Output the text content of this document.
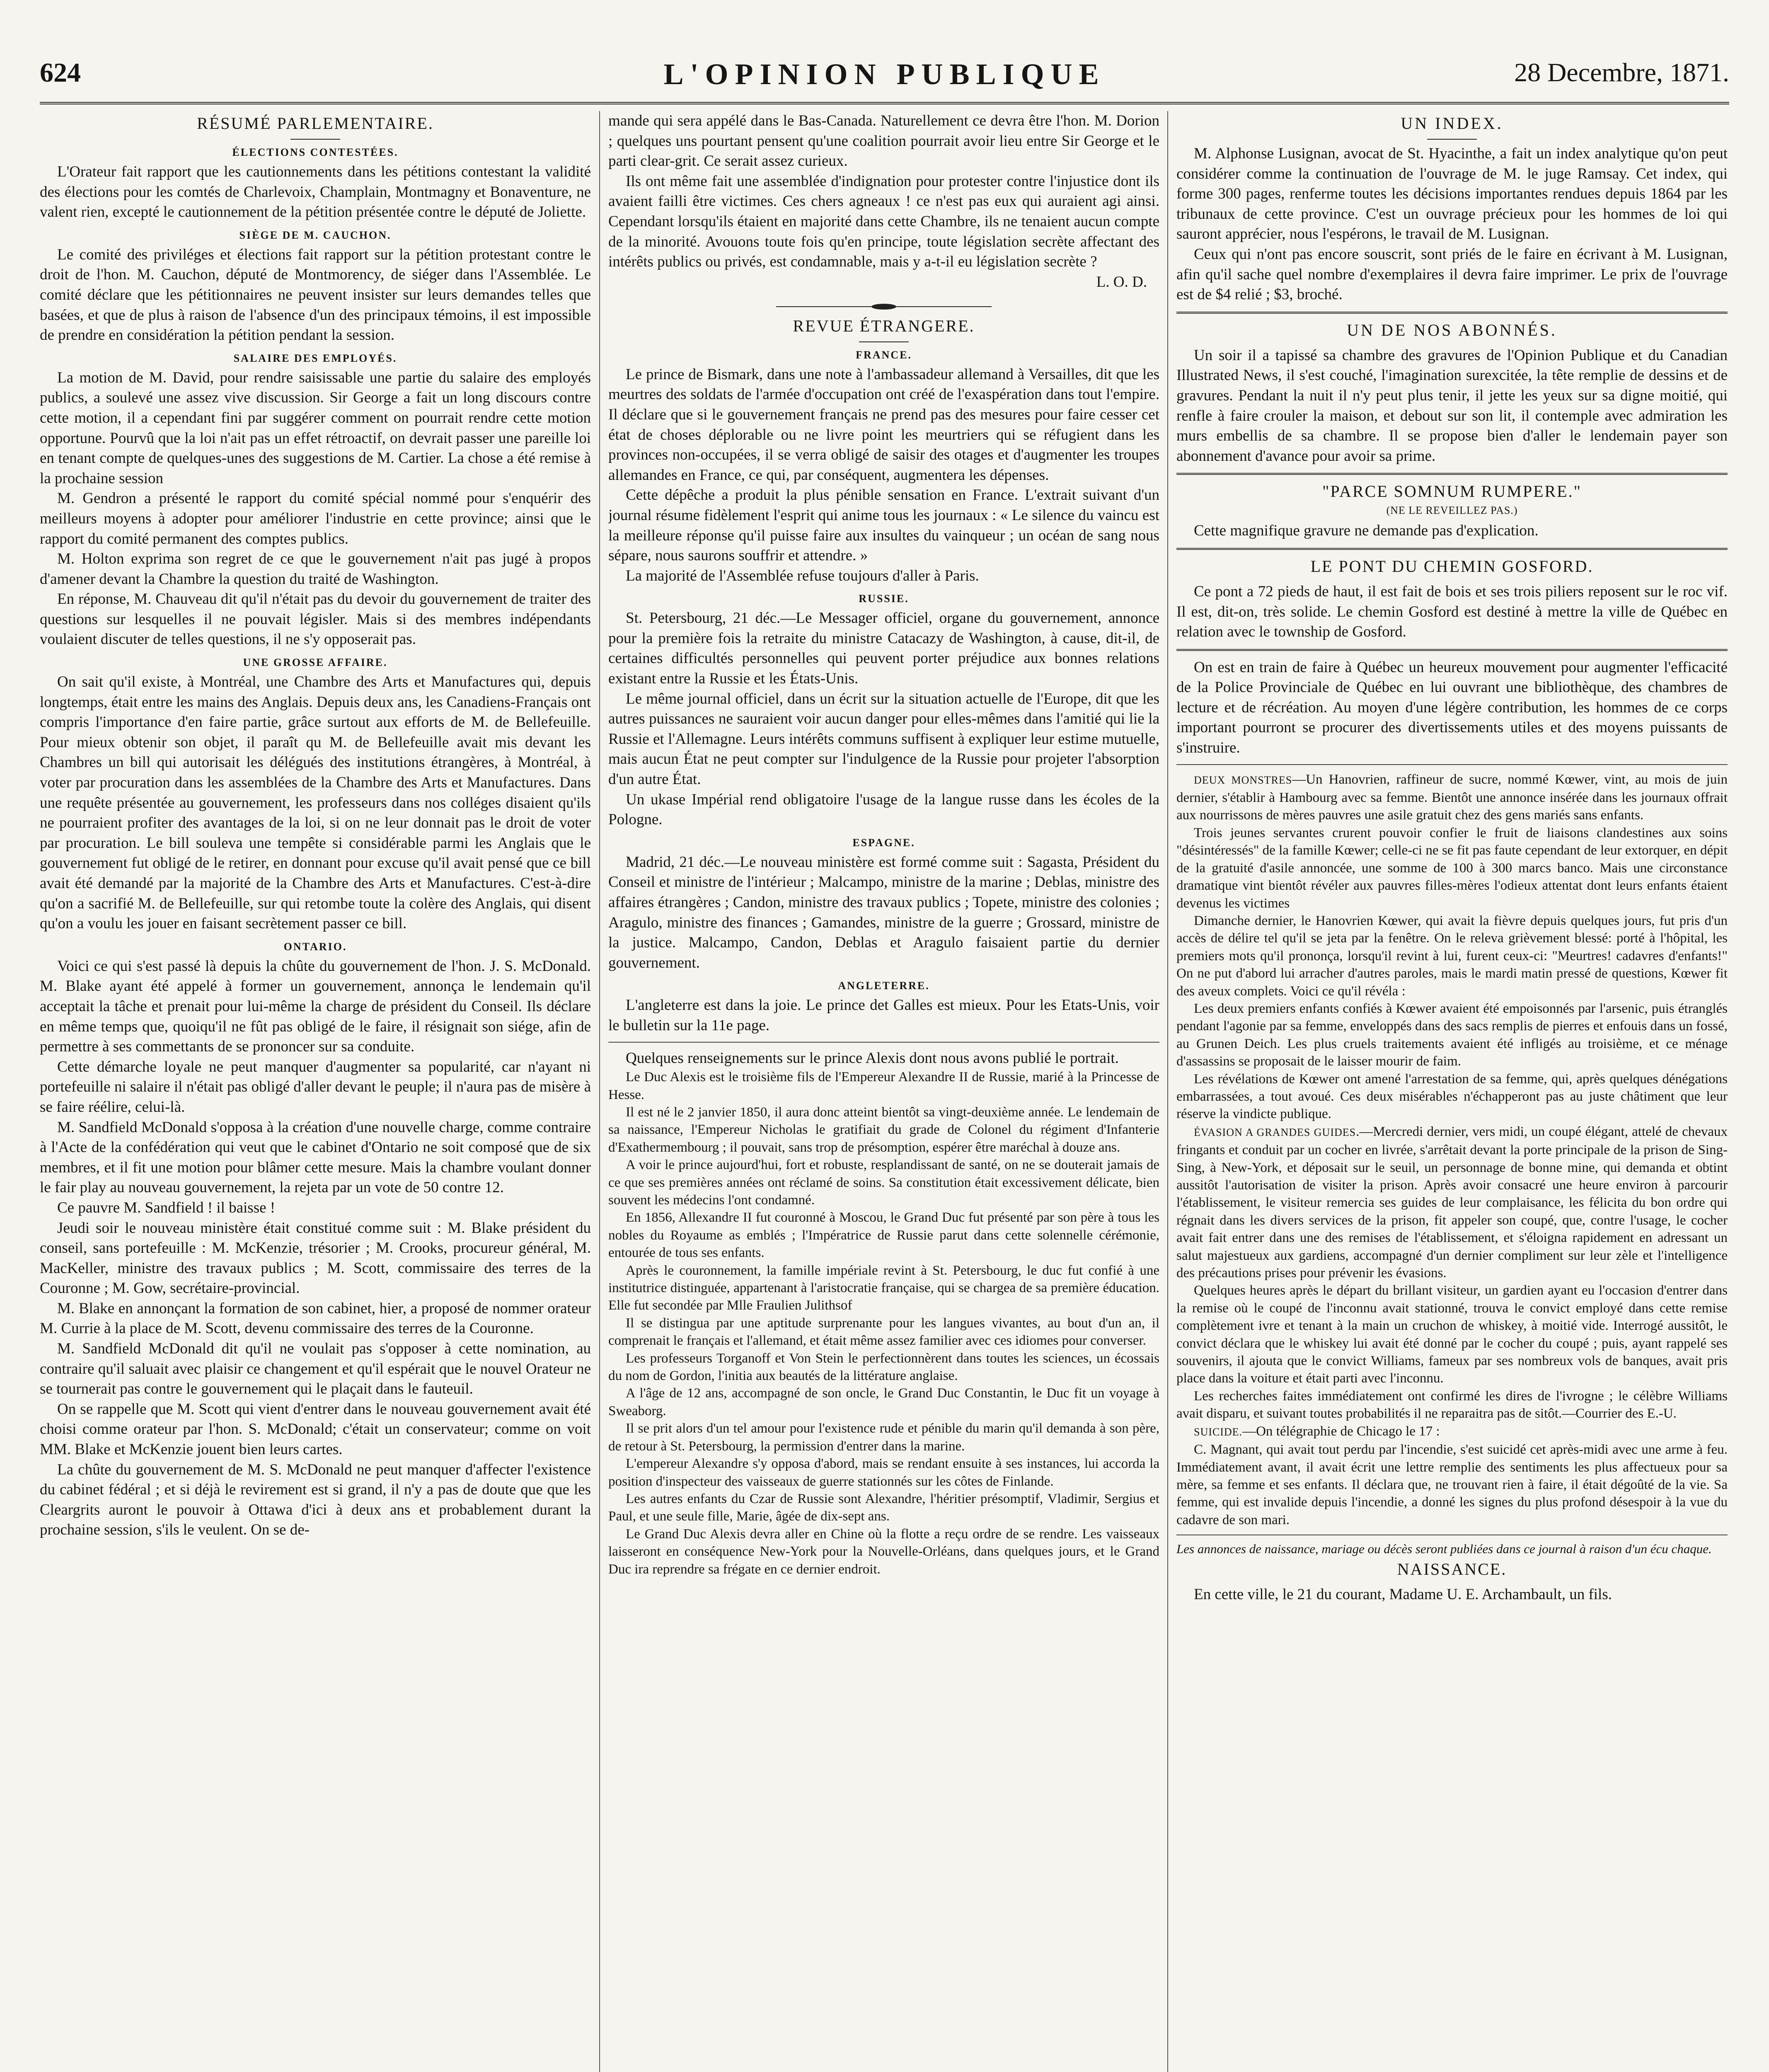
624	L'OPINION PUBLIQUE	28 Decembre, 1871.
RÉSUMÉ PARLEMENTAIRE.
ÉLECTIONS CONTESTÉES.

L'Orateur fait rapport que les cautionnements dans les pétitions contestant la validité des élections pour les comtés de Charlevoix, Champlain, Montmagny et Bonaventure, ne valent rien, excepté le cautionnement de la pétition présentée contre le député de Joliette.

SIÈGE DE M. CAUCHON.

Le comité des priviléges et élections fait rapport sur la pétition protestant contre le droit de l'hon. M. Cauchon, député de Montmorency, de siéger dans l'Assemblée. Le comité déclare que les pétitionnaires ne peuvent insister sur leurs demandes telles que basées, et que de plus à raison de l'absence d'un des principaux témoins, il est impossible de prendre en considération la pétition pendant la session.

SALAIRE DES EMPLOYÉS.

La motion de M. David, pour rendre saisissable une partie du salaire des employés publics, a soulevé une assez vive discussion. Sir George a fait un long discours contre cette motion, il a cependant fini par suggérer comment on pourrait rendre cette motion opportune. Pourvû que la loi n'ait pas un effet rétroactif, on devrait passer une pareille loi en tenant compte de quelques-unes des suggestions de M. Cartier. La chose a été remise à la prochaine session

M. Gendron a présenté le rapport du comité spécial nommé pour s'enquérir des meilleurs moyens à adopter pour améliorer l'industrie en cette province; ainsi que le rapport du comité permanent des comptes publics.

M. Holton exprima son regret de ce que le gouvernement n'ait pas jugé à propos d'amener devant la Chambre la question du traité de Washington.

En réponse, M. Chauveau dit qu'il n'était pas du devoir du gouvernement de traiter des questions sur lesquelles il ne pouvait législer. Mais si des membres indépendants voulaient discuter de telles questions, il ne s'y opposerait pas.

UNE GROSSE AFFAIRE.

On sait qu'il existe, à Montréal, une Chambre des Arts et Manufactures qui, depuis longtemps, était entre les mains des Anglais. Depuis deux ans, les Canadiens-Français ont compris l'importance d'en faire partie, grâce surtout aux efforts de M. de Bellefeuille. Pour mieux obtenir son objet, il paraît qu M. de Bellefeuille avait mis devant les Chambres un bill qui autorisait les délégués des institutions étrangères, à Montréal, à voter par procuration dans les assemblées de la Chambre des Arts et Manufactures. Dans une requête présentée au gouvernement, les professeurs dans nos colléges disaient qu'ils ne pourraient profiter des avantages de la loi, si on ne leur donnait pas le droit de voter par procuration. Le bill souleva une tempête si considérable parmi les Anglais que le gouvernement fut obligé de le retirer, en donnant pour excuse qu'il avait pensé que ce bill avait été demandé par la majorité de la Chambre des Arts et Manufactures. C'est-à-dire qu'on a sacrifié M. de Bellefeuille, sur qui retombe toute la colère des Anglais, qui disent qu'on a voulu les jouer en faisant secrètement passer ce bill.

ONTARIO.

Voici ce qui s'est passé là depuis la chûte du gouvernement de l'hon. J. S. McDonald. M. Blake ayant été appelé à former un gouvernement, annonça le lendemain qu'il acceptait la tâche et prenait pour lui-même la charge de président du Conseil. Ils déclare en même temps que, quoiqu'il ne fût pas obligé de le faire, il résignait son siége, afin de permettre à ses commettants de se prononcer sur sa conduite.

Cette démarche loyale ne peut manquer d'augmenter sa popularité, car n'ayant ni portefeuille ni salaire il n'était pas obligé d'aller devant le peuple; il n'aura pas de misère à se faire réélire, celui-là.

M. Sandfield McDonald s'opposa à la création d'une nouvelle charge, comme contraire à l'Acte de la confédération qui veut que le cabinet d'Ontario ne soit composé que de six membres, et il fit une motion pour blâmer cette mesure. Mais la chambre voulant donner le fair play au nouveau gouvernement, la rejeta par un vote de 50 contre 12.

Ce pauvre M. Sandfield ! il baisse !

Jeudi soir le nouveau ministère était constitué comme suit : M. Blake président du conseil, sans portefeuille : M. McKenzie, trésorier ; M. Crooks, procureur général, M. MacKeller, ministre des travaux publics ; M. Scott, commissaire des terres de la Couronne ; M. Gow, secrétaire-provincial.

M. Blake en annonçant la formation de son cabinet, hier, a proposé de nommer orateur M. Currie à la place de M. Scott, devenu commissaire des terres de la Couronne.

M. Sandfield McDonald dit qu'il ne voulait pas s'opposer à cette nomination, au contraire qu'il saluait avec plaisir ce changement et qu'il espérait que le nouvel Orateur ne se tournerait pas contre le gouvernement qui le plaçait dans le fauteuil.

On se rappelle que M. Scott qui vient d'entrer dans le nouveau gouvernement avait été choisi comme orateur par l'hon. S. McDonald; c'était un conservateur; comme on voit MM. Blake et McKenzie jouent bien leurs cartes.

La chûte du gouvernement de M. S. McDonald ne peut manquer d'affecter l'existence du cabinet fédéral ; et si déjà le revirement est si grand, il n'y a pas de doute que que les Cleargrits auront le pouvoir à Ottawa d'ici à deux ans et probablement durant la prochaine session, s'ils le veulent. On se de-

mande qui sera appélé dans le Bas-Canada. Naturellement ce devra être l'hon. M. Dorion ; quelques uns pourtant pensent qu'une coalition pourrait avoir lieu entre Sir George et le parti clear-grit. Ce serait assez curieux.

Ils ont même fait une assemblée d'indignation pour protester contre l'injustice dont ils avaient failli être victimes. Ces chers agneaux ! ce n'est pas eux qui auraient agi ainsi. Cependant lorsqu'ils étaient en majorité dans cette Chambre, ils ne tenaient aucun compte de la minorité. Avouons toute fois qu'en principe, toute législation secrète affectant des intérêts publics ou privés, est condamnable, mais y a-t-il eu législation secrète ?

L. O. D.
REVUE ÉTRANGERE.
FRANCE.

Le prince de Bismark, dans une note à l'ambassadeur allemand à Versailles, dit que les meurtres des soldats de l'armée d'occupation ont créé de l'exaspération dans tout l'empire. Il déclare que si le gouvernement français ne prend pas des mesures pour faire cesser cet état de choses déplorable ou ne livre point les meurtriers qui se réfugient dans les provinces non-occupées, il se verra obligé de saisir des otages et d'augmenter les troupes allemandes en France, ce qui, par conséquent, augmentera les dépenses.

Cette dépêche a produit la plus pénible sensation en France. L'extrait suivant d'un journal résume fidèlement l'esprit qui anime tous les journaux : « Le silence du vaincu est la meilleure réponse qu'il puisse faire aux insultes du vainqueur ; un océan de sang nous sépare, nous saurons souffrir et attendre. »

La majorité de l'Assemblée refuse toujours d'aller à Paris.

RUSSIE.

St. Petersbourg, 21 déc.—Le Messager officiel, organe du gouvernement, annonce pour la première fois la retraite du ministre Catacazy de Washington, à cause, dit-il, de certaines difficultés personnelles qui peuvent porter préjudice aux bonnes relations existant entre la Russie et les États-Unis.

Le même journal officiel, dans un écrit sur la situation actuelle de l'Europe, dit que les autres puissances ne sauraient voir aucun danger pour elles-mêmes dans l'amitié qui lie la Russie et l'Allemagne. Leurs intérêts communs suffisent à expliquer leur estime mutuelle, mais aucun État ne peut compter sur l'indulgence de la Russie pour projeter l'absorption d'un autre État.

Un ukase Impérial rend obligatoire l'usage de la langue russe dans les écoles de la Pologne.

ESPAGNE.

Madrid, 21 déc.—Le nouveau ministère est formé comme suit : Sagasta, Président du Conseil et ministre de l'intérieur ; Malcampo, ministre de la marine ; Deblas, ministre des affaires étrangères ; Candon, ministre des travaux publics ; Topete, ministre des colonies ; Aragulo, ministre des finances ; Gamandes, ministre de la guerre ; Grossard, ministre de la justice. Malcampo, Candon, Deblas et Aragulo faisaient partie du dernier gouvernement.

ANGLETERRE.

L'angleterre est dans la joie. Le prince det Galles est mieux. Pour les Etats-Unis, voir le bulletin sur la 11e page.

Quelques renseignements sur le prince Alexis dont nous avons publié le portrait.

Le Duc Alexis est le troisième fils de l'Empereur Alexandre II de Russie, marié à la Princesse de Hesse.

Il est né le 2 janvier 1850, il aura donc atteint bientôt sa vingt-deuxième année. Le lendemain de sa naissance, l'Empereur Nicholas le gratifiait du grade de Colonel du régiment d'Infanterie d'Exathermembourg ; il pouvait, sans trop de présomption, espérer être maréchal à douze ans.

A voir le prince aujourd'hui, fort et robuste, resplandissant de santé, on ne se douterait jamais de ce que ses premières années ont réclamé de soins. Sa constitution était excessivement délicate, bien souvent les médecins l'ont condamné.

En 1856, Allexandre II fut couronné à Moscou, le Grand Duc fut présenté par son père à tous les nobles du Royaume as emblés ; l'Impératrice de Russie parut dans cette solennelle cérémonie, entourée de tous ses enfants.

Après le couronnement, la famille impériale revint à St. Petersbourg, le duc fut confié à une institutrice distinguée, appartenant à l'aristocratie française, qui se chargea de sa première éducation. Elle fut secondée par Mlle Fraulien Julithsof

Il se distingua par une aptitude surprenante pour les langues vivantes, au bout d'un an, il comprenait le français et l'allemand, et était même assez familier avec ces idiomes pour converser.

Les professeurs Torganoff et Von Stein le perfectionnèrent dans toutes les sciences, un écossais du nom de Gordon, l'initia aux beautés de la littérature anglaise.

A l'âge de 12 ans, accompagné de son oncle, le Grand Duc Constantin, le Duc fit un voyage à Sweaborg.

Il se prit alors d'un tel amour pour l'existence rude et pénible du marin qu'il demanda à son père, de retour à St. Petersbourg, la permission d'entrer dans la marine.

L'empereur Alexandre s'y opposa d'abord, mais se rendant ensuite à ses instances, lui accorda la position d'inspecteur des vaisseaux de guerre stationnés sur les côtes de Finlande.

Les autres enfants du Czar de Russie sont Alexandre, l'héritier présomptif, Vladimir, Sergius et Paul, et une seule fille, Marie, âgée de dix-sept ans.

Le Grand Duc Alexis devra aller en Chine où la flotte a reçu ordre de se rendre. Les vaisseaux laisseront en conséquence New-York pour la Nouvelle-Orléans, dans quelques jours, et le Grand Duc ira reprendre sa frégate en ce dernier endroit.

UN INDEX.

M. Alphonse Lusignan, avocat de St. Hyacinthe, a fait un index analytique qu'on peut considérer comme la continuation de l'ouvrage de M. le juge Ramsay. Cet index, qui forme 300 pages, renferme toutes les décisions importantes rendues depuis 1864 par les tribunaux de cette province. C'est un ouvrage précieux pour les hommes de loi qui sauront apprécier, nous l'espérons, le travail de M. Lusignan.

Ceux qui n'ont pas encore souscrit, sont priés de le faire en écrivant à M. Lusignan, afin qu'il sache quel nombre d'exemplaires il devra faire imprimer. Le prix de l'ouvrage est de $4 relié ; $3, broché.

UN DE NOS ABONNÉS.

Un soir il a tapissé sa chambre des gravures de l'Opinion Publique et du Canadian Illustrated News, il s'est couché, l'imagination surexcitée, la tête remplie de dessins et de gravures. Pendant la nuit il n'y peut plus tenir, il jette les yeux sur sa digne moitié, qui renfle à faire crouler la maison, et debout sur son lit, il contemple avec admiration les murs embellis de sa chambre. Il se propose bien d'aller le lendemain payer son abonnement d'avance pour avoir sa prime.

"PARCE SOMNUM RUMPERE."
(NE LE REVEILLEZ PAS.)

Cette magnifique gravure ne demande pas d'explication.

LE PONT DU CHEMIN GOSFORD.

Ce pont a 72 pieds de haut, il est fait de bois et ses trois piliers reposent sur le roc vif. Il est, dit-on, très solide. Le chemin Gosford est destiné à mettre la ville de Québec en relation avec le township de Gosford.

On est en train de faire à Québec un heureux mouvement pour augmenter l'efficacité de la Police Provinciale de Québec en lui ouvrant une bibliothèque, des chambres de lecture et de récréation. Au moyen d'une légère contribution, les hommes de ce corps important pourront se procurer des divertissements utiles et des moyens puissants de s'instruire.

DEUX MONSTRES—Un Hanovrien, raffineur de sucre, nommé Kœwer, vint, au mois de juin dernier, s'établir à Hambourg avec sa femme. Bientôt une annonce insérée dans les journaux offrait aux nourrissons de mères pauvres une asile gratuit chez des gens mariés sans enfants.

Trois jeunes servantes crurent pouvoir confier le fruit de liaisons clandestines aux soins "désintéressés" de la famille Kœwer; celle-ci ne se fit pas faute cependant de leur extorquer, en dépit de la gratuité d'asile annoncée, une somme de 100 à 300 marcs banco. Mais une circonstance dramatique vint bientôt révéler aux pauvres filles-mères l'odieux attentat dont leurs enfants étaient devenus les victimes

Dimanche dernier, le Hanovrien Kœwer, qui avait la fièvre depuis quelques jours, fut pris d'un accès de délire tel qu'il se jeta par la fenêtre. On le releva grièvement blessé: porté à l'hôpital, les premiers mots qu'il prononça, lorsqu'il revint à lui, furent ceux-ci: "Meurtres! cadavres d'enfants!" On ne put d'abord lui arracher d'autres paroles, mais le mardi matin pressé de questions, Kœwer fit des aveux complets. Voici ce qu'il révéla :

Les deux premiers enfants confiés à Kœwer avaient été empoisonnés par l'arsenic, puis étranglés pendant l'agonie par sa femme, enveloppés dans des sacs remplis de pierres et enfouis dans un fossé, au Grunen Deich. Les plus cruels traitements avaient été infligés au troisième, et ce ménage d'assassins se proposait de le laisser mourir de faim.

Les révélations de Kœwer ont amené l'arrestation de sa femme, qui, après quelques dénégations embarrassées, a tout avoué. Ces deux misérables n'échapperont pas au juste châtiment que leur réserve la vindicte publique.

ÉVASION A GRANDES GUIDES.—Mercredi dernier, vers midi, un coupé élégant, attelé de chevaux fringants et conduit par un cocher en livrée, s'arrêtait devant la porte principale de la prison de Sing-Sing, à New-York, et déposait sur le seuil, un personnage de bonne mine, qui demanda et obtint aussitôt l'autorisation de visiter la prison. Après avoir consacré une heure environ à parcourir l'établissement, le visiteur remercia ses guides de leur complaisance, les félicita du bon ordre qui régnait dans les divers services de la prison, fit appeler son coupé, que, contre l'usage, le cocher avait fait entrer dans une des remises de l'établissement, et s'éloigna rapidement en adressant un salut majestueux aux gardiens, accompagné d'un dernier compliment sur leur zèle et l'intelligence des précautions prises pour prévenir les évasions.

Quelques heures après le départ du brillant visiteur, un gardien ayant eu l'occasion d'entrer dans la remise où le coupé de l'inconnu avait stationné, trouva le convict employé dans cette remise complètement ivre et tenant à la main un cruchon de whiskey, à moitié vide. Interrogé aussitôt, le convict déclara que le whiskey lui avait été donné par le cocher du coupé ; puis, ayant rappelé ses souvenirs, il ajouta que le convict Williams, fameux par ses nombreux vols de banques, avait pris place dans la voiture et était parti avec l'inconnu.

Les recherches faites immédiatement ont confirmé les dires de l'ivrogne ; le célèbre Williams avait disparu, et suivant toutes probabilités il ne reparaitra pas de sitôt.—Courrier des E.-U.

SUICIDE.—On télégraphie de Chicago le 17 :

C. Magnant, qui avait tout perdu par l'incendie, s'est suicidé cet après-midi avec une arme à feu. Immédiatement avant, il avait écrit une lettre remplie des sentiments les plus affectueux pour sa mère, sa femme et ses enfants. Il déclara que, ne trouvant rien à faire, il était dégoûté de la vie. Sa femme, qui est invalide depuis l'incendie, a donné les signes du plus profond désespoir à la vue du cadavre de son mari.

Les annonces de naissance, mariage ou décès seront publiées dans ce journal à raison d'un écu chaque.

NAISSANCE.

En cette ville, le 21 du courant, Madame U. E. Archambault, un fils.
